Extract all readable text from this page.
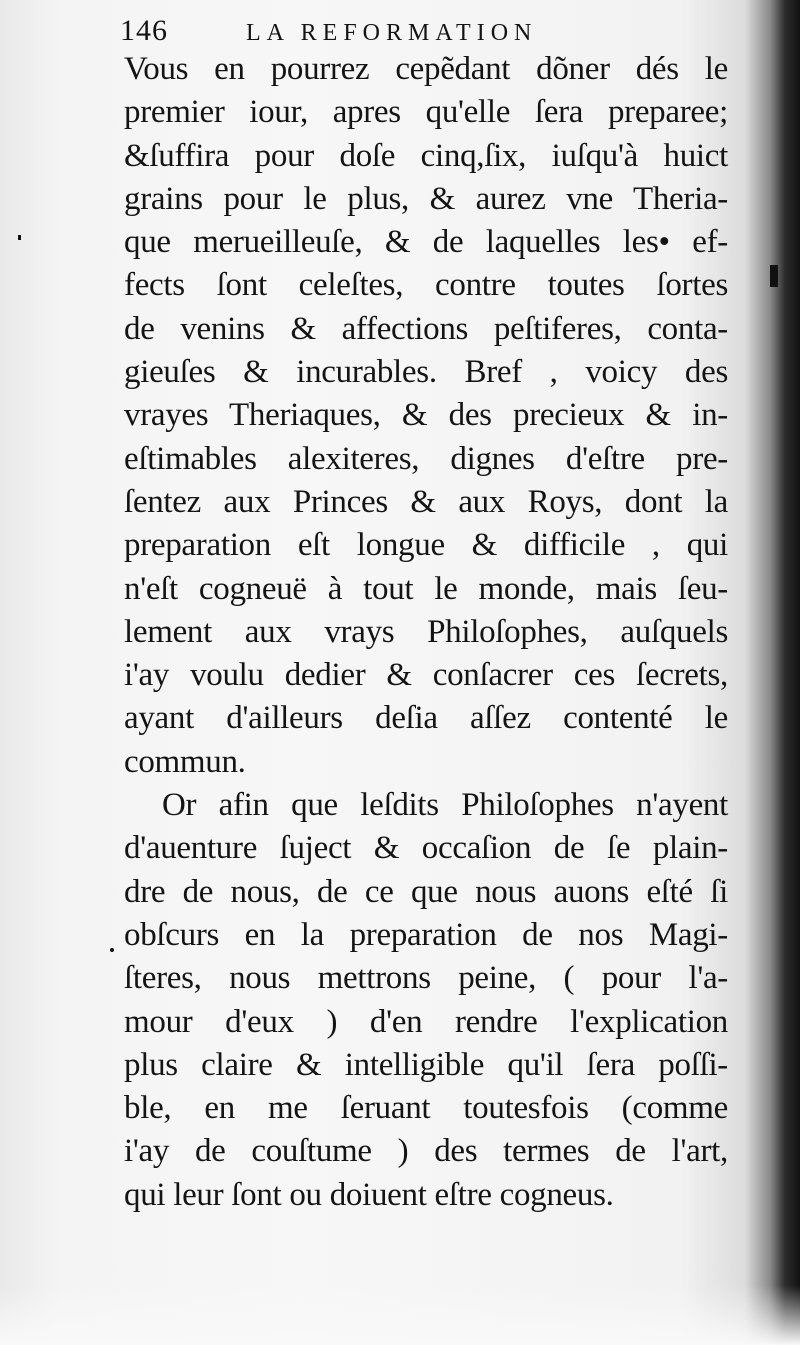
146	LA REFORMATION
Vous en pourrez cepẽdant dõner dés le
premier iour, apres qu'elle ſera preparee;
&ſuffira pour doſe cinq,ſix, iuſqu'à huict
grains pour le plus, & aurez vne Theria-
que merueilleuſe, & de laquelles les• ef-
fects ſont celeſtes, contre toutes ſortes
de venins & affections peſtiferes, conta-
gieuſes & incurables. Bref , voicy des
vrayes Theriaques, & des precieux & in-
eſtimables alexiteres, dignes d'eſtre pre-
ſentez aux Princes & aux Roys, dont la
preparation eſt longue & difficile , qui
n'eſt cogneuë à tout le monde, mais ſeu-
lement aux vrays Philoſophes, auſquels
i'ay voulu dedier & conſacrer ces ſecrets,
ayant d'ailleurs deſia aſſez contenté le
commun.
Or afin que leſdits Philoſophes n'ayent
d'auenture ſuject & occaſion de ſe plain-
dre de nous, de ce que nous auons eſté ſi
obſcurs en la preparation de nos Magi-
ſteres, nous mettrons peine, ( pour l'a-
mour d'eux ) d'en rendre l'explication
plus claire & intelligible qu'il ſera poſſi-
ble, en me ſeruant toutesfois (comme
i'ay de couſtume ) des termes de l'art,
qui leur ſont ou doiuent eſtre cogneus.
